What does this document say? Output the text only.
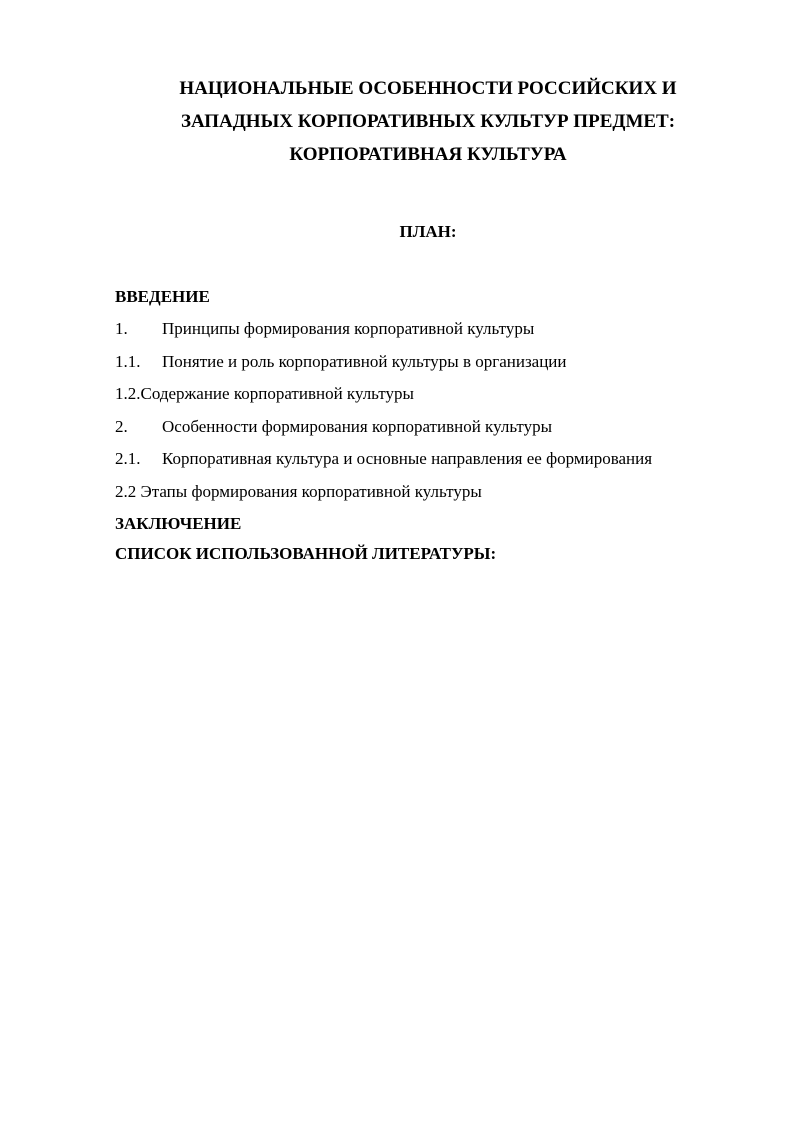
НАЦИОНАЛЬНЫЕ ОСОБЕННОСТИ РОССИЙСКИХ И
ЗАПАДНЫХ КОРПОРАТИВНЫХ КУЛЬТУР ПРЕДМЕТ:
КОРПОРАТИВНАЯ КУЛЬТУРА
ПЛАН:
ВВЕДЕНИЕ
1. Принципы формирования корпоративной культуры
1.1. Понятие и роль корпоративной культуры в организации
1.2.Содержание корпоративной культуры
2. Особенности формирования корпоративной культуры
2.1. Корпоративная культура и основные направления ее формирования
2.2 Этапы формирования корпоративной культуры
ЗАКЛЮЧЕНИЕ
СПИСОК ИСПОЛЬЗОВАННОЙ ЛИТЕРАТУРЫ:
